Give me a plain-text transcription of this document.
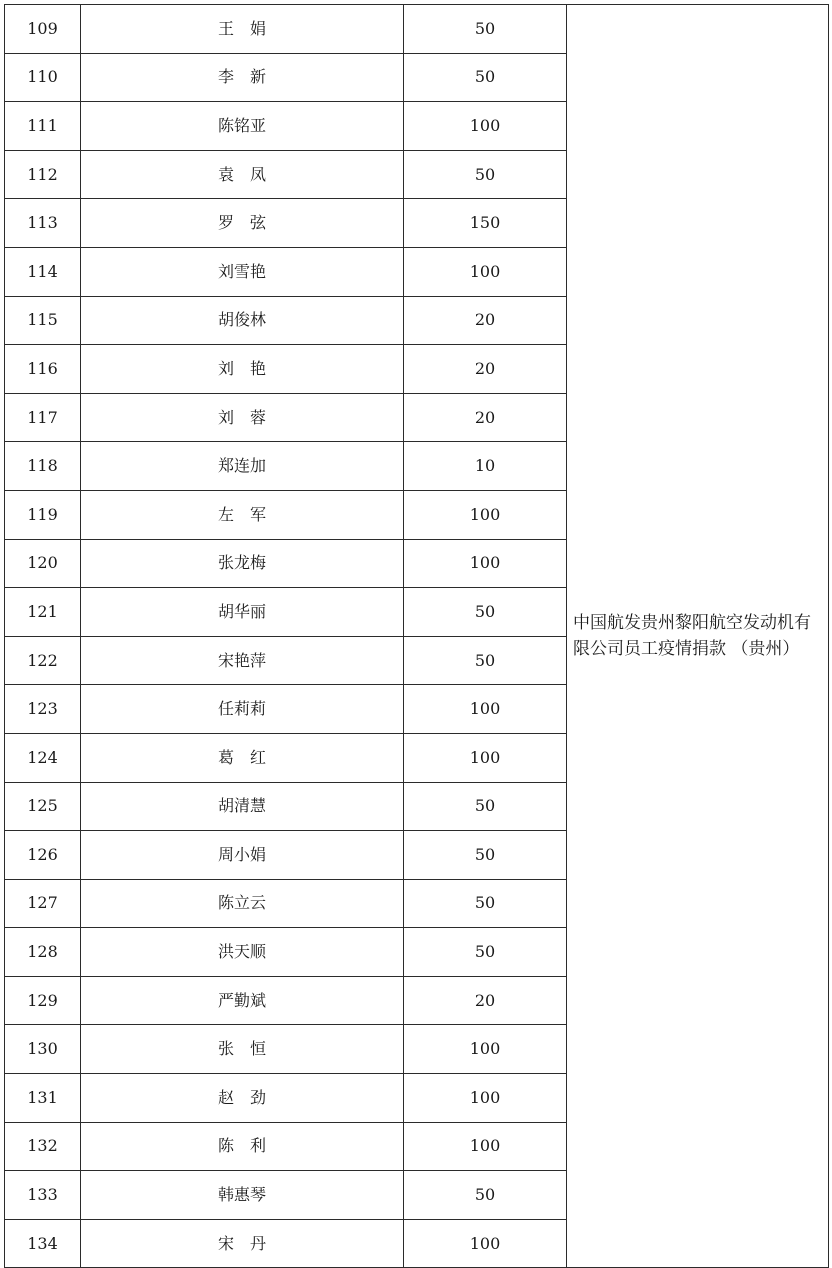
109	王　娟	50	中国航发贵州黎阳航空发动机有限公司员工疫情捐款 （贵州）
110	李　新	50	
111	陈铭亚	100	
112	袁　凤	50	
113	罗　弦	150	
114	刘雪艳	100	
115	胡俊林	20	
116	刘　艳	20	
117	刘　蓉	20	
118	郑连加	10	
119	左　军	100	
120	张龙梅	100	
121	胡华丽	50	
122	宋艳萍	50	
123	任莉莉	100	
124	葛　红	100	
125	胡清慧	50	
126	周小娟	50	
127	陈立云	50	
128	洪天顺	50	
129	严勤斌	20	
130	张　恒	100	
131	赵　劲	100	
132	陈　利	100	
133	韩惠琴	50	
134	宋　丹	100	
